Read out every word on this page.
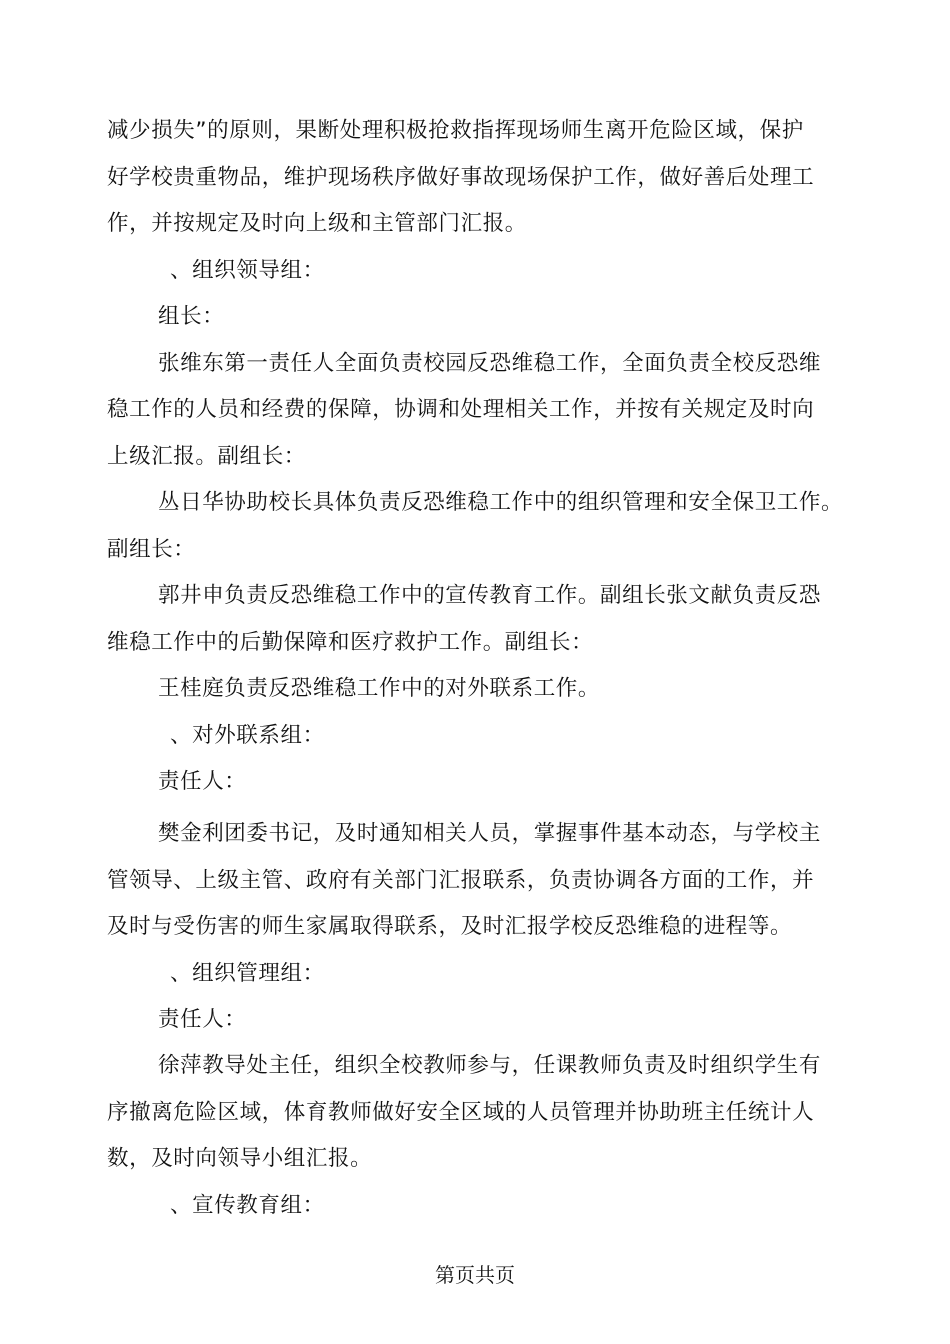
减少损失”的原则，果断处理积极抢救指挥现场师生离开危险区域，保护
好学校贵重物品，维护现场秩序做好事故现场保护工作，做好善后处理工
作，并按规定及时向上级和主管部门汇报。
、组织领导组：
组长：
张维东第一责任人全面负责校园反恐维稳工作，全面负责全校反恐维
稳工作的人员和经费的保障，协调和处理相关工作，并按有关规定及时向
上级汇报。副组长：
丛日华协助校长具体负责反恐维稳工作中的组织管理和安全保卫工作。
副组长：
郭井申负责反恐维稳工作中的宣传教育工作。副组长张文献负责反恐
维稳工作中的后勤保障和医疗救护工作。副组长：
王桂庭负责反恐维稳工作中的对外联系工作。
、对外联系组：
责任人：
樊金利团委书记，及时通知相关人员，掌握事件基本动态，与学校主
管领导、上级主管、政府有关部门汇报联系，负责协调各方面的工作，并
及时与受伤害的师生家属取得联系，及时汇报学校反恐维稳的进程等。
、组织管理组：
责任人：
徐萍教导处主任，组织全校教师参与，任课教师负责及时组织学生有
序撤离危险区域，体育教师做好安全区域的人员管理并协助班主任统计人
数，及时向领导小组汇报。
、宣传教育组：
第页共页
